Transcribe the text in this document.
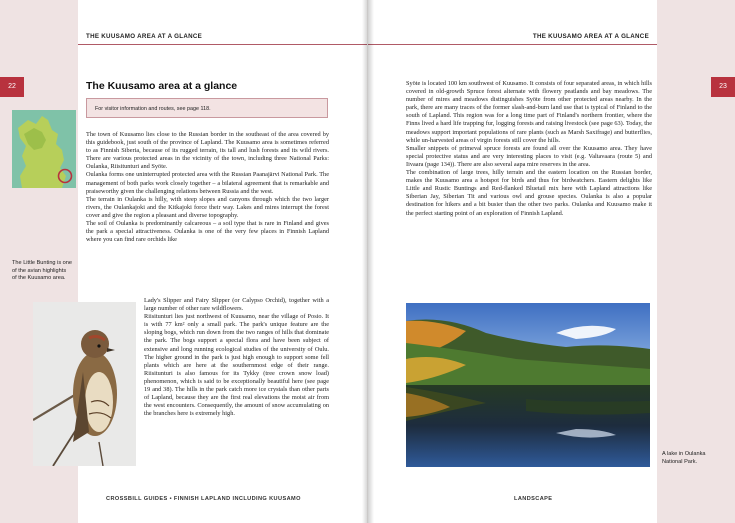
THE KUUSAMO AREA AT A GLANCE
22	The Kuusamo area at a glance
For visitor information and routes, see page 118.

The town of Kuusamo lies close to the Russian border in the southeast of the area covered by this guidebook, just south of the province of Lapland. The Kuusamo area is sometimes referred to as Finnish Siberia, because of its rugged terrain, its tall and lush forests and its wild rivers. There are various protected areas in the vicinity of the town, including three National Parks: Oulanka, Riisitunturi and Syöte.

Oulanka forms one uninterrupted protected area with the Russian Paanajärvi National Park. The management of both parks work closely together – a bilateral agreement that is remarkable and praiseworthy given the challenging relations between Russia and the west.

The terrain in Oulanka is hilly, with steep slopes and canyons through which the two larger rivers, the Oulankajoki and the Kitkajoki force their way. Lakes and mires interrupt the forest cover and give the region a pleasant and diverse topography.

The soil of Oulanka is predominantly calcareous – a soil type that is rare in Finland and gives the park a special attractiveness. Oulanka is one of the very few places in Finnish Lapland where you can find rare orchids like

Lady's Slipper and Fairy Slipper (or Calypso Orchid), together with a large number of other rare wildflowers.

Riisitunturi lies just northwest of Kuusamo, near the village of Posio. It is with 77 km² only a small park. The park's unique feature are the sloping bogs, which run down from the two ranges of hills that dominate the park. The bogs support a special flora and have been subject of extensive and long running ecological studies of the university of Oulu. The higher ground in the park is just high enough to support some fell plants which are here at the southernmost edge of their range. Riisitunturi is also famous for its Tykky (tree crown snow load) phenomenon, which is said to be exceptionally beautiful here (see page 19 and 38). The hills in the park catch more ice crystals than other parts of Lapland, because they are the first real elevations the moist air from the west encounters. Consequently, the amount of snow accumulating on the branches here is extremely high.

The Little Bunting is one of the avian highlights of the Kuusamo area.
CROSSBILL GUIDES • FINNISH LAPLAND INCLUDING KUUSAMO
THE KUUSAMO AREA AT A GLANCE
23

Syöte is located 100 km southwest of Kuusamo. It consists of four separated areas, in which hills covered in old-growth Spruce forest alternate with flowery peatlands and bay meadows. The number of mires and meadows distinguishes Syöte from other protected areas nearby. In the park, there are many traces of the former slash-and-burn land use that is typical of Finland to the south of Lapland. This region was for a long time part of Finland's northern frontier, where the Finns lived a hard life trapping fur, logging forests and raising livestock (see page 63). Today, the meadows support important populations of rare plants (such as Marsh Saxifrage) and butterflies, while un-harvested areas of virgin forests still cover the hills.

Smaller snippets of primeval spruce forests are found all over the Kuusamo area. They have special protective status and are very interesting places to visit (e.g. Valtavaara (route 5) and Iivaara (page 134)). There are also several aapa mire reserves in the area.

The combination of large trees, hilly terrain and the eastern location on the Russian border, makes the Kuusamo area a hotspot for birds and thus for birdwatchers. Eastern delights like Little and Rustic Buntings and Red-flanked Bluetail mix here with Lapland attractions like Siberian Jay, Siberian Tit and various owl and grouse species. Oulanka is also a popular destination for hikers and a bit busier than the other two parks. Oulanka and Kuusamo make it the perfect starting point of an exploration of Finnish Lapland.

A lake in Oulanka National Park.
LANDSCAPE
